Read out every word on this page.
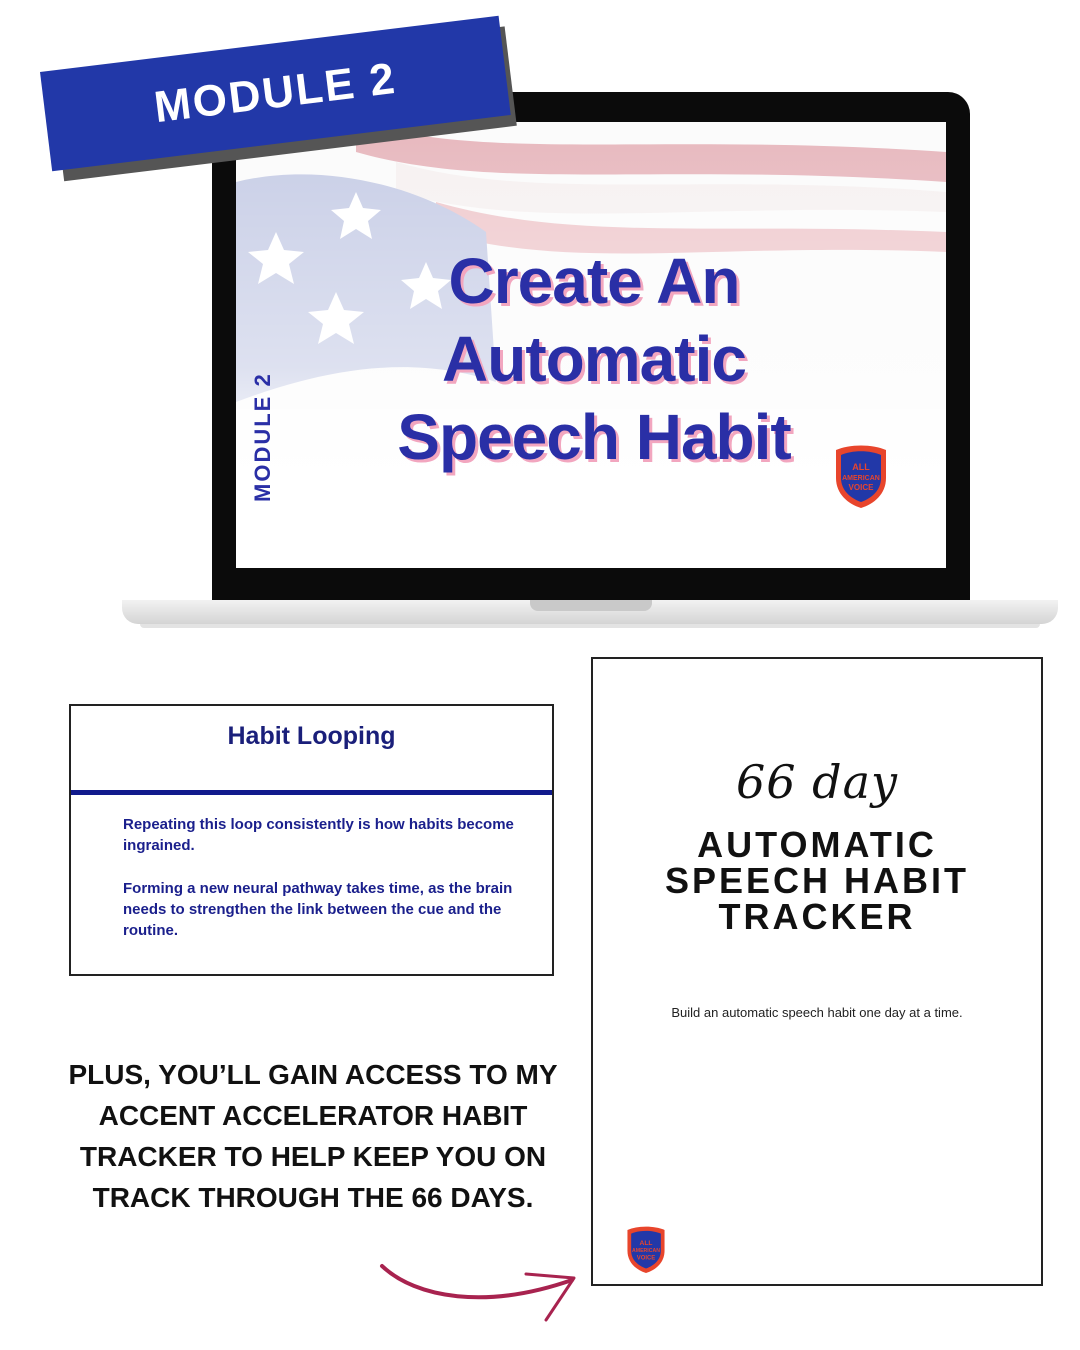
Create An
Automatic
Speech Habit
MODULE 2	ALL
AMERICAN
VOICE
MODULE 2
Habit Looping
Repeating this loop consistently is how habits become ingrained.
Forming a new neural pathway takes time, as the brain needs to strengthen the link between the cue and the routine.
PLUS, YOU’LL GAIN ACCESS TO MY ACCENT ACCELERATOR HABIT TRACKER TO HELP KEEP YOU ON TRACK THROUGH THE 66 DAYS.
66 day
AUTOMATIC
SPEECH HABIT
TRACKER
Build an automatic speech habit one day at a time.
ALL
AMERICAN
VOICE
